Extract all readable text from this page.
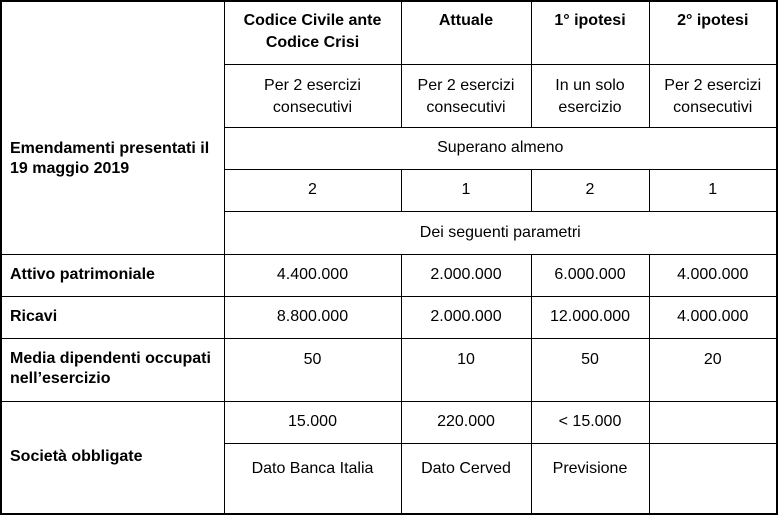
	Codice Civile ante Codice Crisi	Attuale	1° ipotesi	2° ipotesi
Emendamenti presentati il 19 maggio 2019	Per 2 esercizi consecutivi	Per 2 esercizi consecutivi	In un solo esercizio	Per 2 esercizi consecutivi
	Superano almeno			
	2	1	2	1
	Dei seguenti parametri			
Attivo patrimoniale	4.400.000	2.000.000	6.000.000	4.000.000
Ricavi	8.800.000	2.000.000	12.000.000	4.000.000
Media dipendenti occupati nell’esercizio	50	10	50	20
Società obbligate	15.000	220.000	< 15.000	
	Dato Banca Italia	Dato Cerved	Previsione	
